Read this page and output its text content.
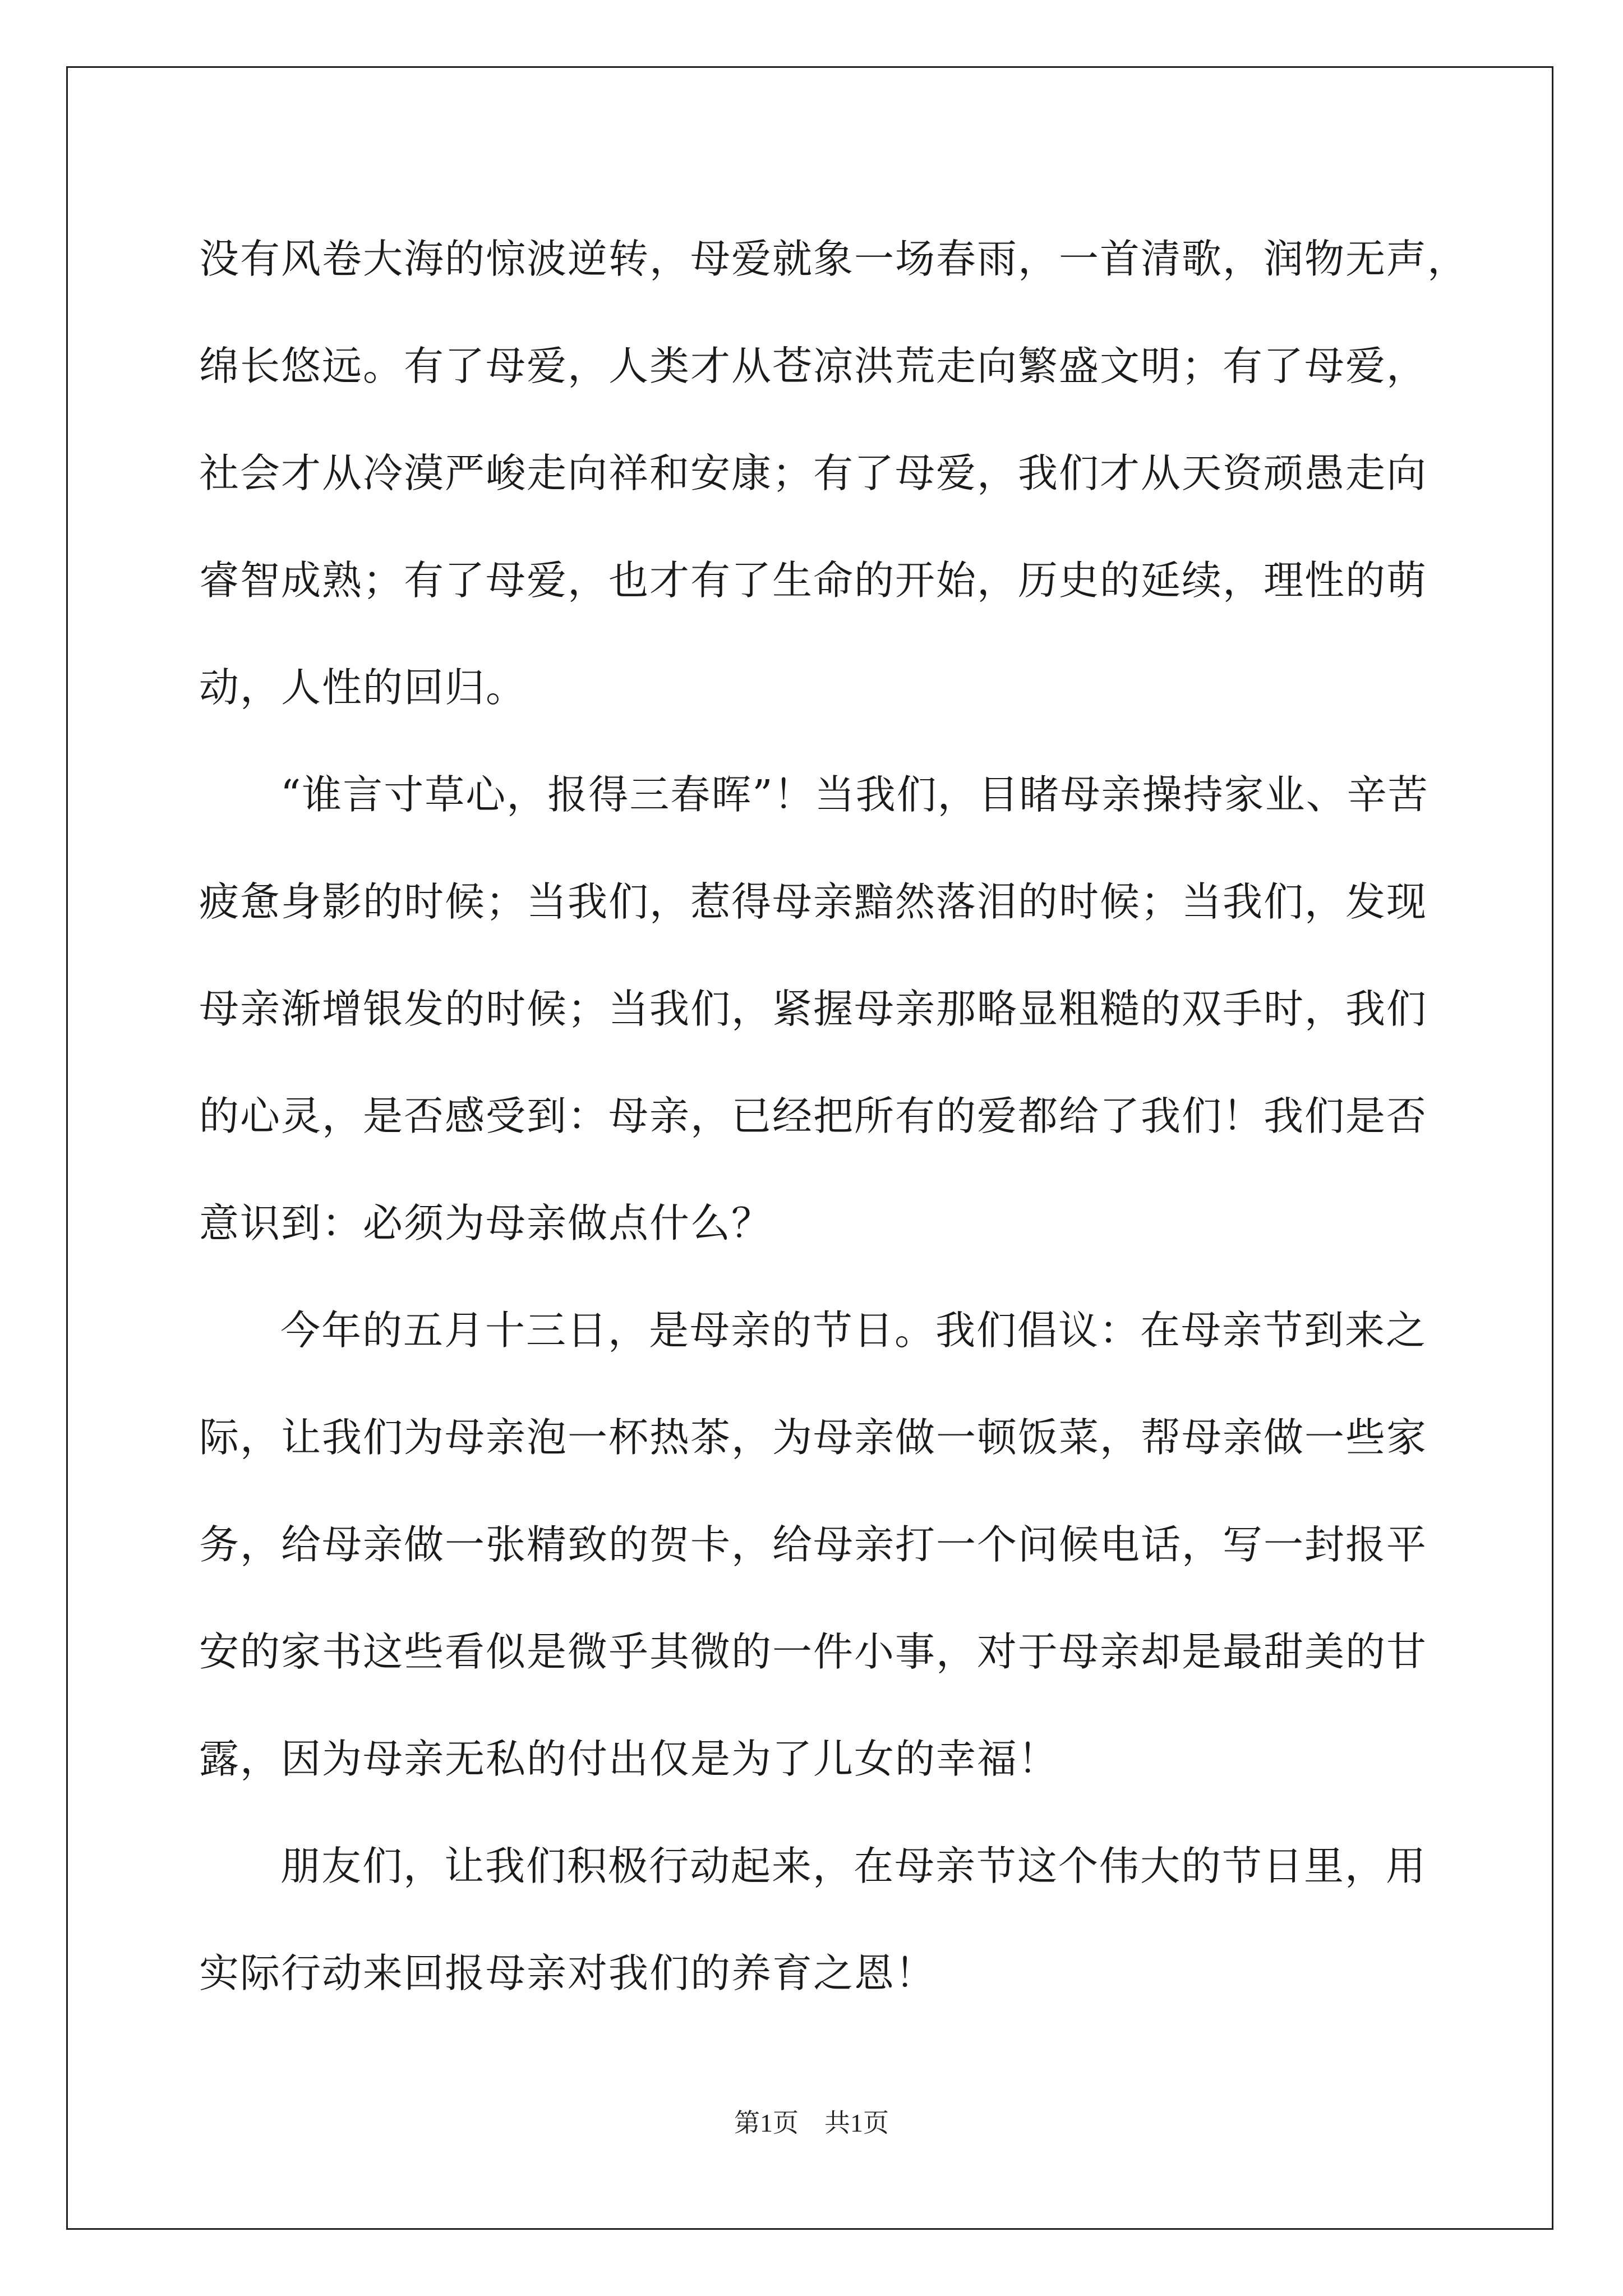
没有风卷大海的惊波逆转，母爱就象一场春雨，一首清歌，润物无声，
绵长悠远。有了母爱，人类才从苍凉洪荒走向繁盛文明；有了母爱，
社会才从冷漠严峻走向祥和安康；有了母爱，我们才从天资顽愚走向
睿智成熟；有了母爱，也才有了生命的开始，历史的延续，理性的萌
动，人性的回归。
“谁言寸草心，报得三春晖”！当我们，目睹母亲操持家业、辛苦
疲惫身影的时候；当我们，惹得母亲黯然落泪的时候；当我们，发现
母亲渐增银发的时候；当我们，紧握母亲那略显粗糙的双手时，我们
的心灵，是否感受到：母亲，已经把所有的爱都给了我们！我们是否
意识到：必须为母亲做点什么？
今年的五月十三日，是母亲的节日。我们倡议：在母亲节到来之
际，让我们为母亲泡一杯热茶，为母亲做一顿饭菜，帮母亲做一些家
务，给母亲做一张精致的贺卡，给母亲打一个问候电话，写一封报平
安的家书这些看似是微乎其微的一件小事，对于母亲却是最甜美的甘
露，因为母亲无私的付出仅是为了儿女的幸福！
朋友们，让我们积极行动起来，在母亲节这个伟大的节日里，用
实际行动来回报母亲对我们的养育之恩！
第1页 共1页
